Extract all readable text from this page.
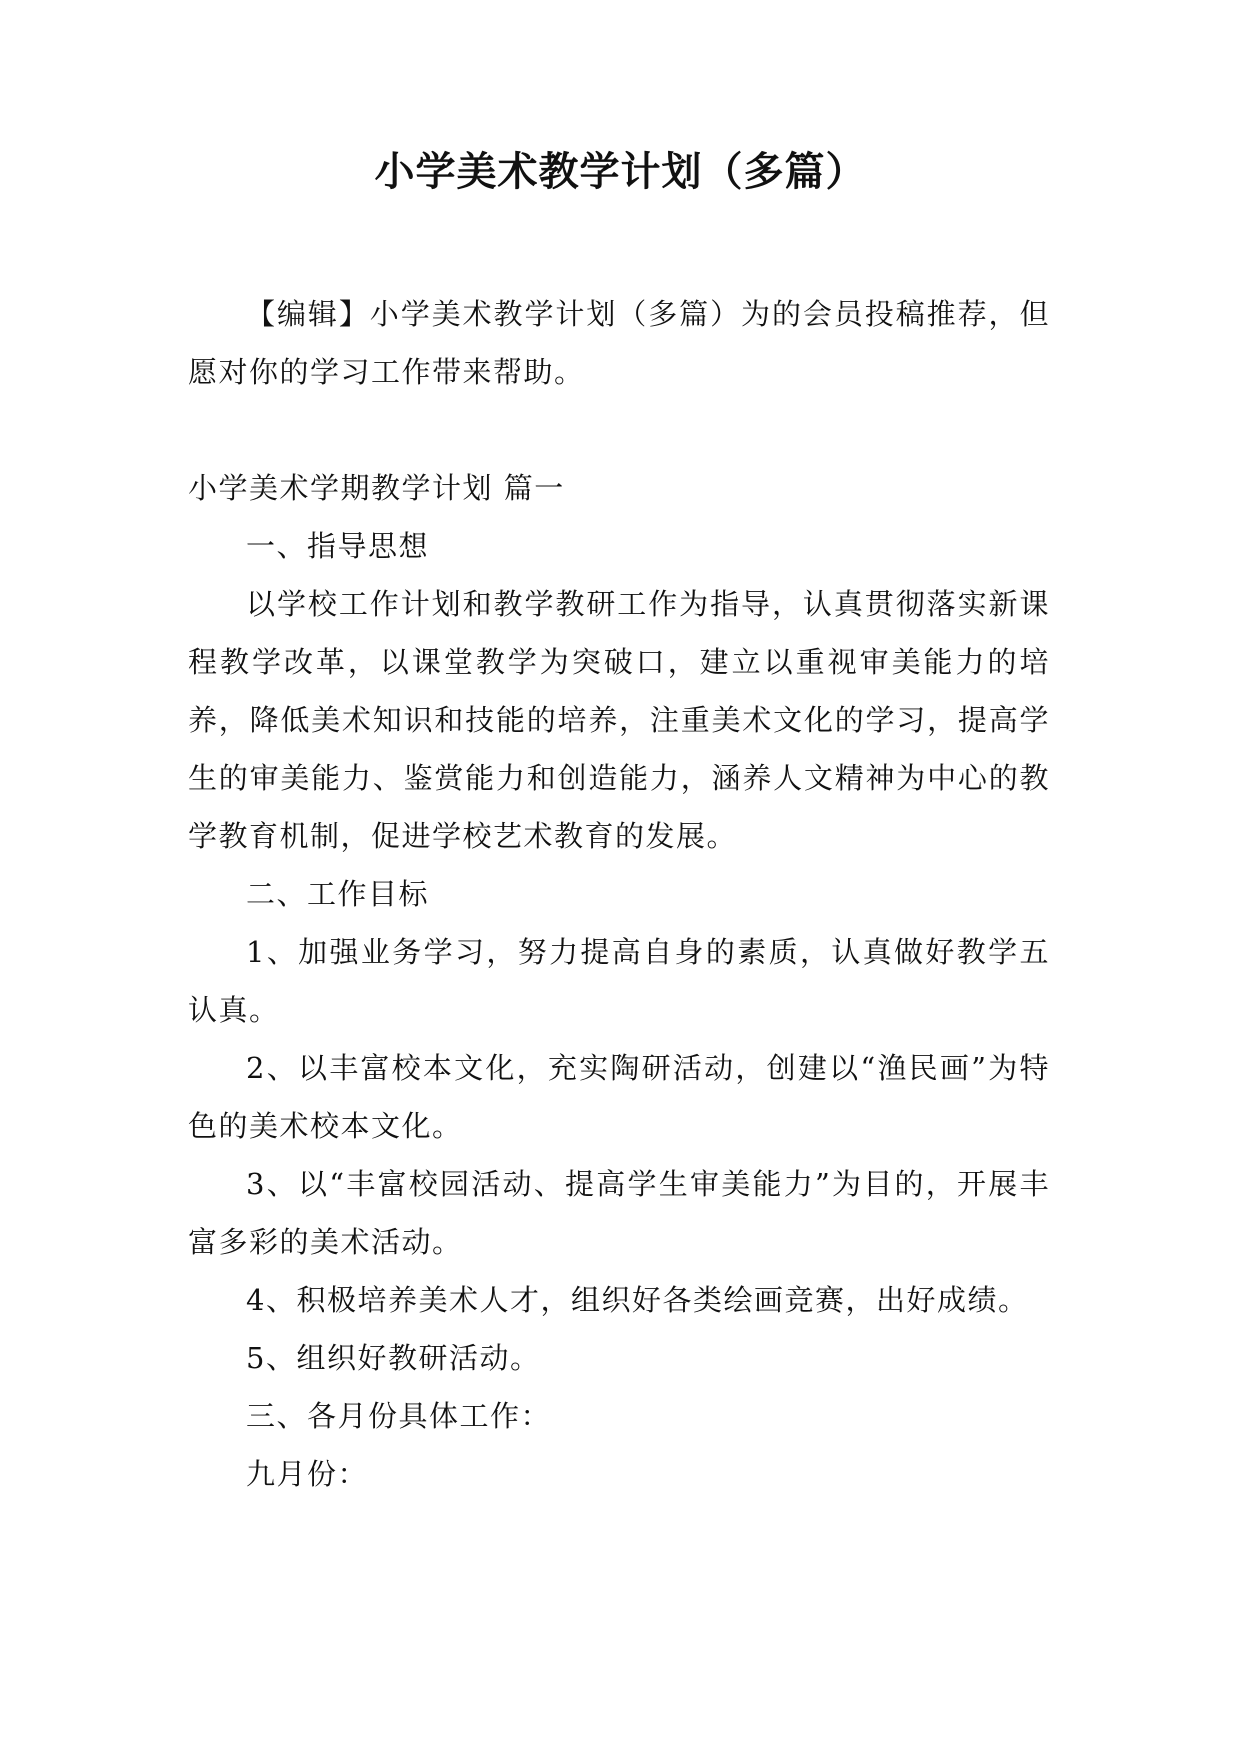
小学美术教学计划（多篇）

【编辑】小学美术教学计划（多篇）为的会员投稿推荐，但愿对你的学习工作带来帮助。

小学美术学期教学计划 篇一

一、指导思想

以学校工作计划和教学教研工作为指导，认真贯彻落实新课程教学改革，以课堂教学为突破口，建立以重视审美能力的培养，降低美术知识和技能的培养，注重美术文化的学习，提高学生的审美能力、鉴赏能力和创造能力，涵养人文精神为中心的教学教育机制，促进学校艺术教育的发展。

二、工作目标

1、加强业务学习，努力提高自身的素质，认真做好教学五认真。

2、以丰富校本文化，充实陶研活动，创建以“渔民画”为特色的美术校本文化。

3、以“丰富校园活动、提高学生审美能力”为目的，开展丰富多彩的美术活动。

4、积极培养美术人才，组织好各类绘画竞赛，出好成绩。

5、组织好教研活动。

三、各月份具体工作：

九月份：
